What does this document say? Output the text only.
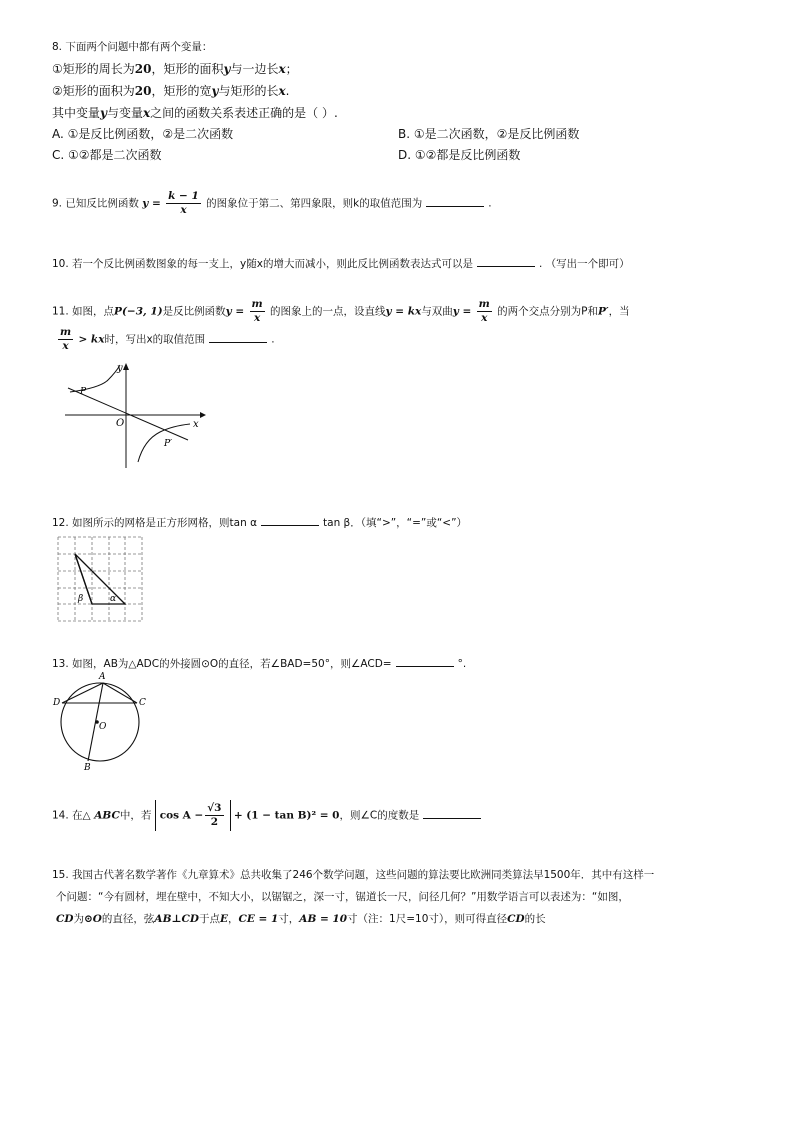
8. 下面两个问题中都有两个变量：
①矩形的周长为20，矩形的面积y与一边长x；
②矩形的面积为20，矩形的宽y与矩形的长x.
其中变量y与变量x之间的函数关系表述正确的是（ ）.
A. ①是反比例函数，②是二次函数	B. ①是二次函数，②是反比例函数
C. ①②都是二次函数	D. ①②都是反比例函数
9. 已知反比例函数 $y = \frac{k - 1}{x}$ 的图象位于第二、第四象限，则k的取值范围为	.
10. 若一个反比例函数图象的每一支上，y随x的增大而减小，则此反比例函数表达式可以是	. （写出一个即可）
11. 如图，点P(−3, 1)是反比例函数$y = \frac{m}{x}$ 的图象上的一点，设直线y = kx与双曲$y = \frac{m}{x}$ 的两个交点分别为P和P′，当
$\frac{m}{x}$ > kx时，写出x的取值范围	.
y
x
O
P
P′
12. 如图所示的网格是正方形网格，则tan α	tan β．（填“>”，“=”或“<”）
β	α
13. 如图，AB为△ADC的外接圆⊙O的直径，若∠BAD=50°，则∠ACD=	°.
A
D	C
O
B
14. 在△ ABC中，若 $\cos A - \frac{√3}{2} + (1 - \tan B)^2 = 0$，则∠C的度数是
15. 我国古代著名数学著作《九章算术》总共收集了246个数学问题，这些问题的算法要比欧洲同类算法早1500年．其中有这样一
个问题：“今有圆材，埋在壁中，不知大小，以锯锯之，深一寸，锯道长一尺，问径几何？”用数学语言可以表述为：“如图，
CD为⊙O的直径，弦AB⊥CD于点E，CE = 1寸，AB = 10寸（注：1尺=10寸），则可得直径CD的长
